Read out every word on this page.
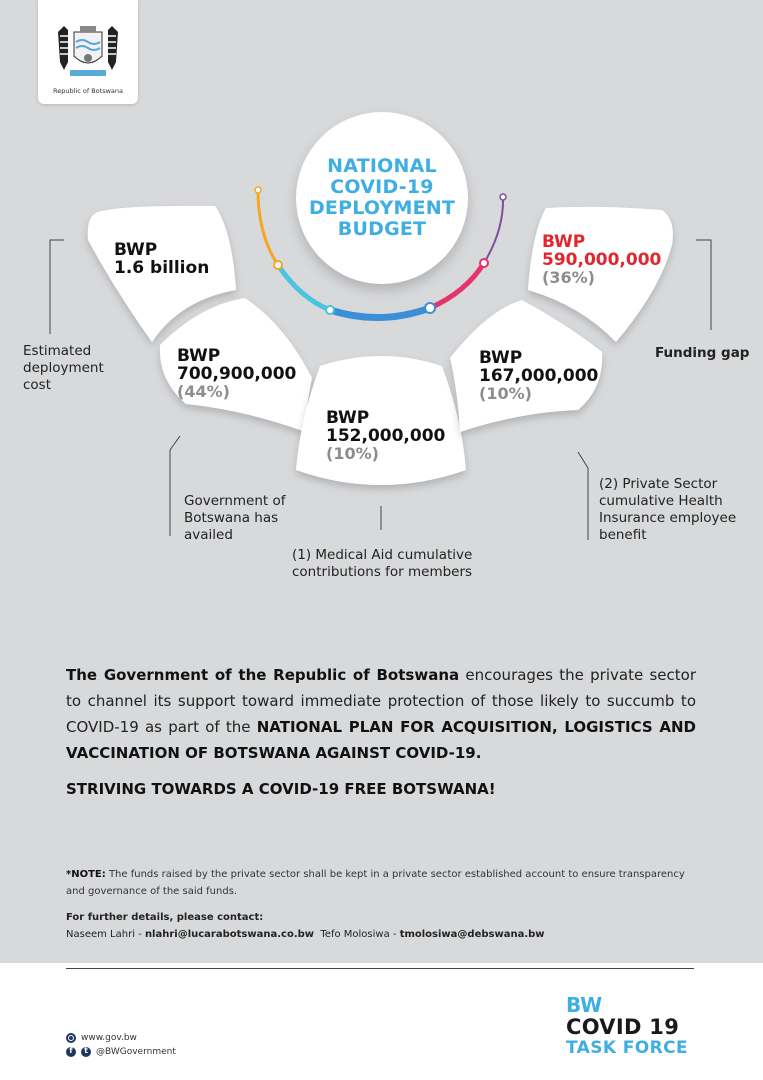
Republic of Botswana
NATIONAL COVID-19 DEPLOYMENT BUDGET
BWP
1.6 billion
BWP
700,900,000
(44%)
BWP
152,000,000
(10%)
BWP
167,000,000
(10%)
BWP
590,000,000
(36%)
Estimated deployment cost
Government of Botswana has availed
(1) Medical Aid cumulative contributions for members
(2) Private Sector cumulative Health Insurance employee benefit
Funding gap
The Government of the Republic of Botswana encourages the private sector to channel its support toward immediate protection of those likely to succumb to COVID-19 as part of the NATIONAL PLAN FOR ACQUISITION, LOGISTICS AND VACCINATION OF BOTSWANA AGAINST COVID-19.
STRIVING TOWARDS A COVID-19 FREE BOTSWANA!
*NOTE: The funds raised by the private sector shall be kept in a private sector established account to ensure transparency and governance of the said funds.
For further details, please contact:
Naseem Lahri - nlahri@lucarabotswana.co.bw Tefo Molosiwa - tmolosiwa@debswana.bw
www.gov.bw
f	t @BWGovernment
BW
COVID 19
TASK FORCE
